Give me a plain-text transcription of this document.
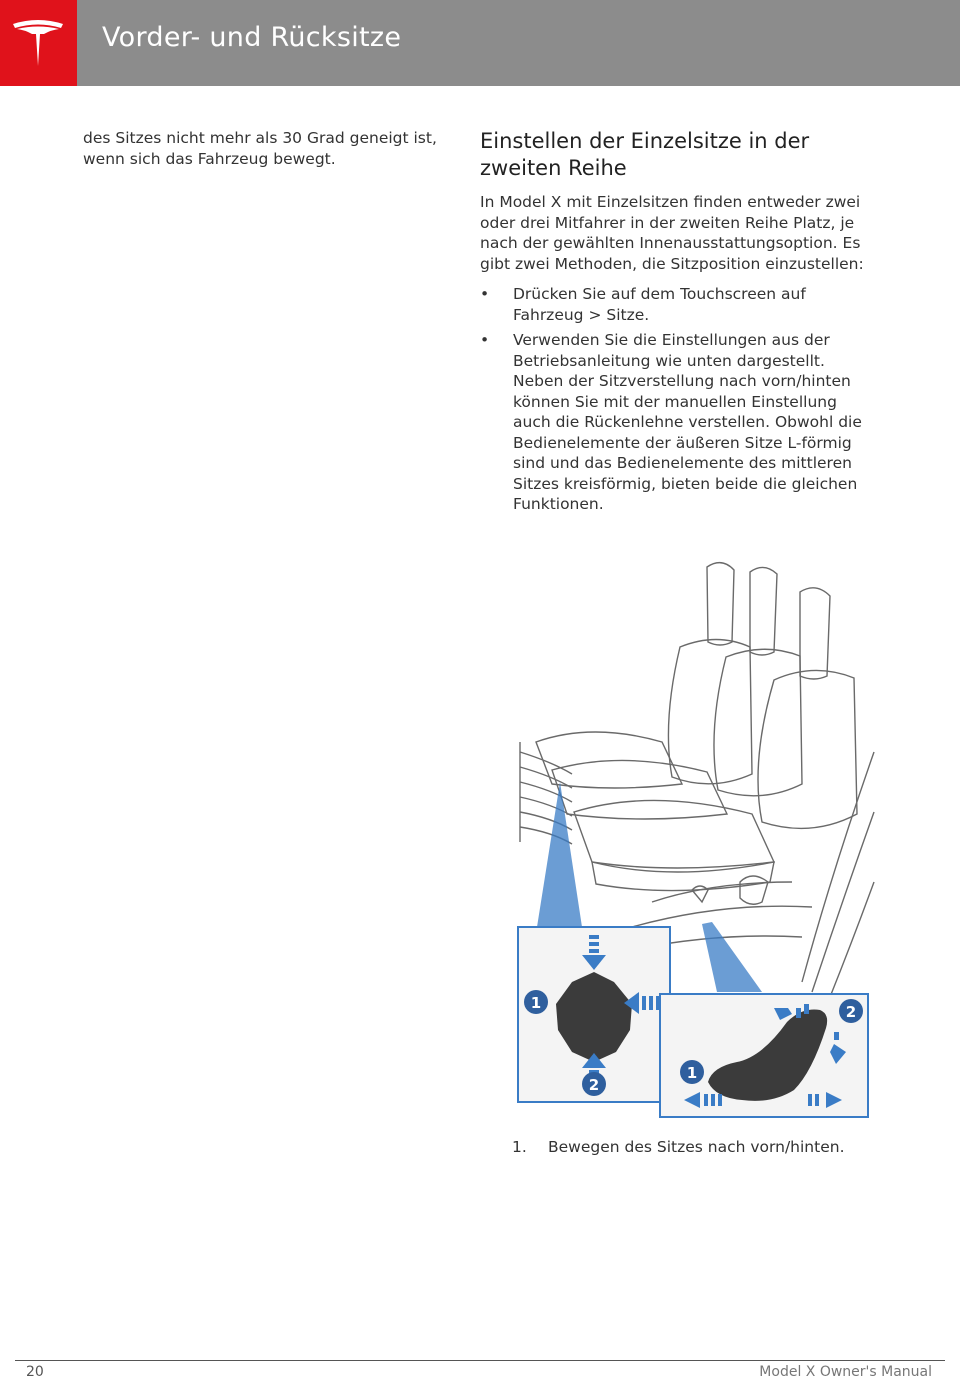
Vorder- und Rücksitze

des Sitzes nicht mehr als 30 Grad geneigt ist, wenn sich das Fahrzeug bewegt.

Einstellen der Einzelsitze in der zweiten Reihe

In Model X mit Einzelsitzen finden entweder zwei oder drei Mitfahrer in der zweiten Reihe Platz, je nach der gewählten Innenausstattungsoption. Es gibt zwei Methoden, die Sitzposition einzustellen:

• Drücken Sie auf dem Touchscreen auf Fahrzeug > Sitze.
• Verwenden Sie die Einstellungen aus der Betriebsanleitung wie unten dargestellt. Neben der Sitzverstellung nach vorn/hinten können Sie mit der manuellen Einstellung auch die Rückenlehne verstellen. Obwohl die Bedienelemente der äußeren Sitze L-förmig sind und das Bedienelemente des mittleren Sitzes kreisförmig, bieten beide die gleichen Funktionen.
1
2
2
1
1. Bewegen des Sitzes nach vorn/hinten.
20	Model X Owner's Manual
